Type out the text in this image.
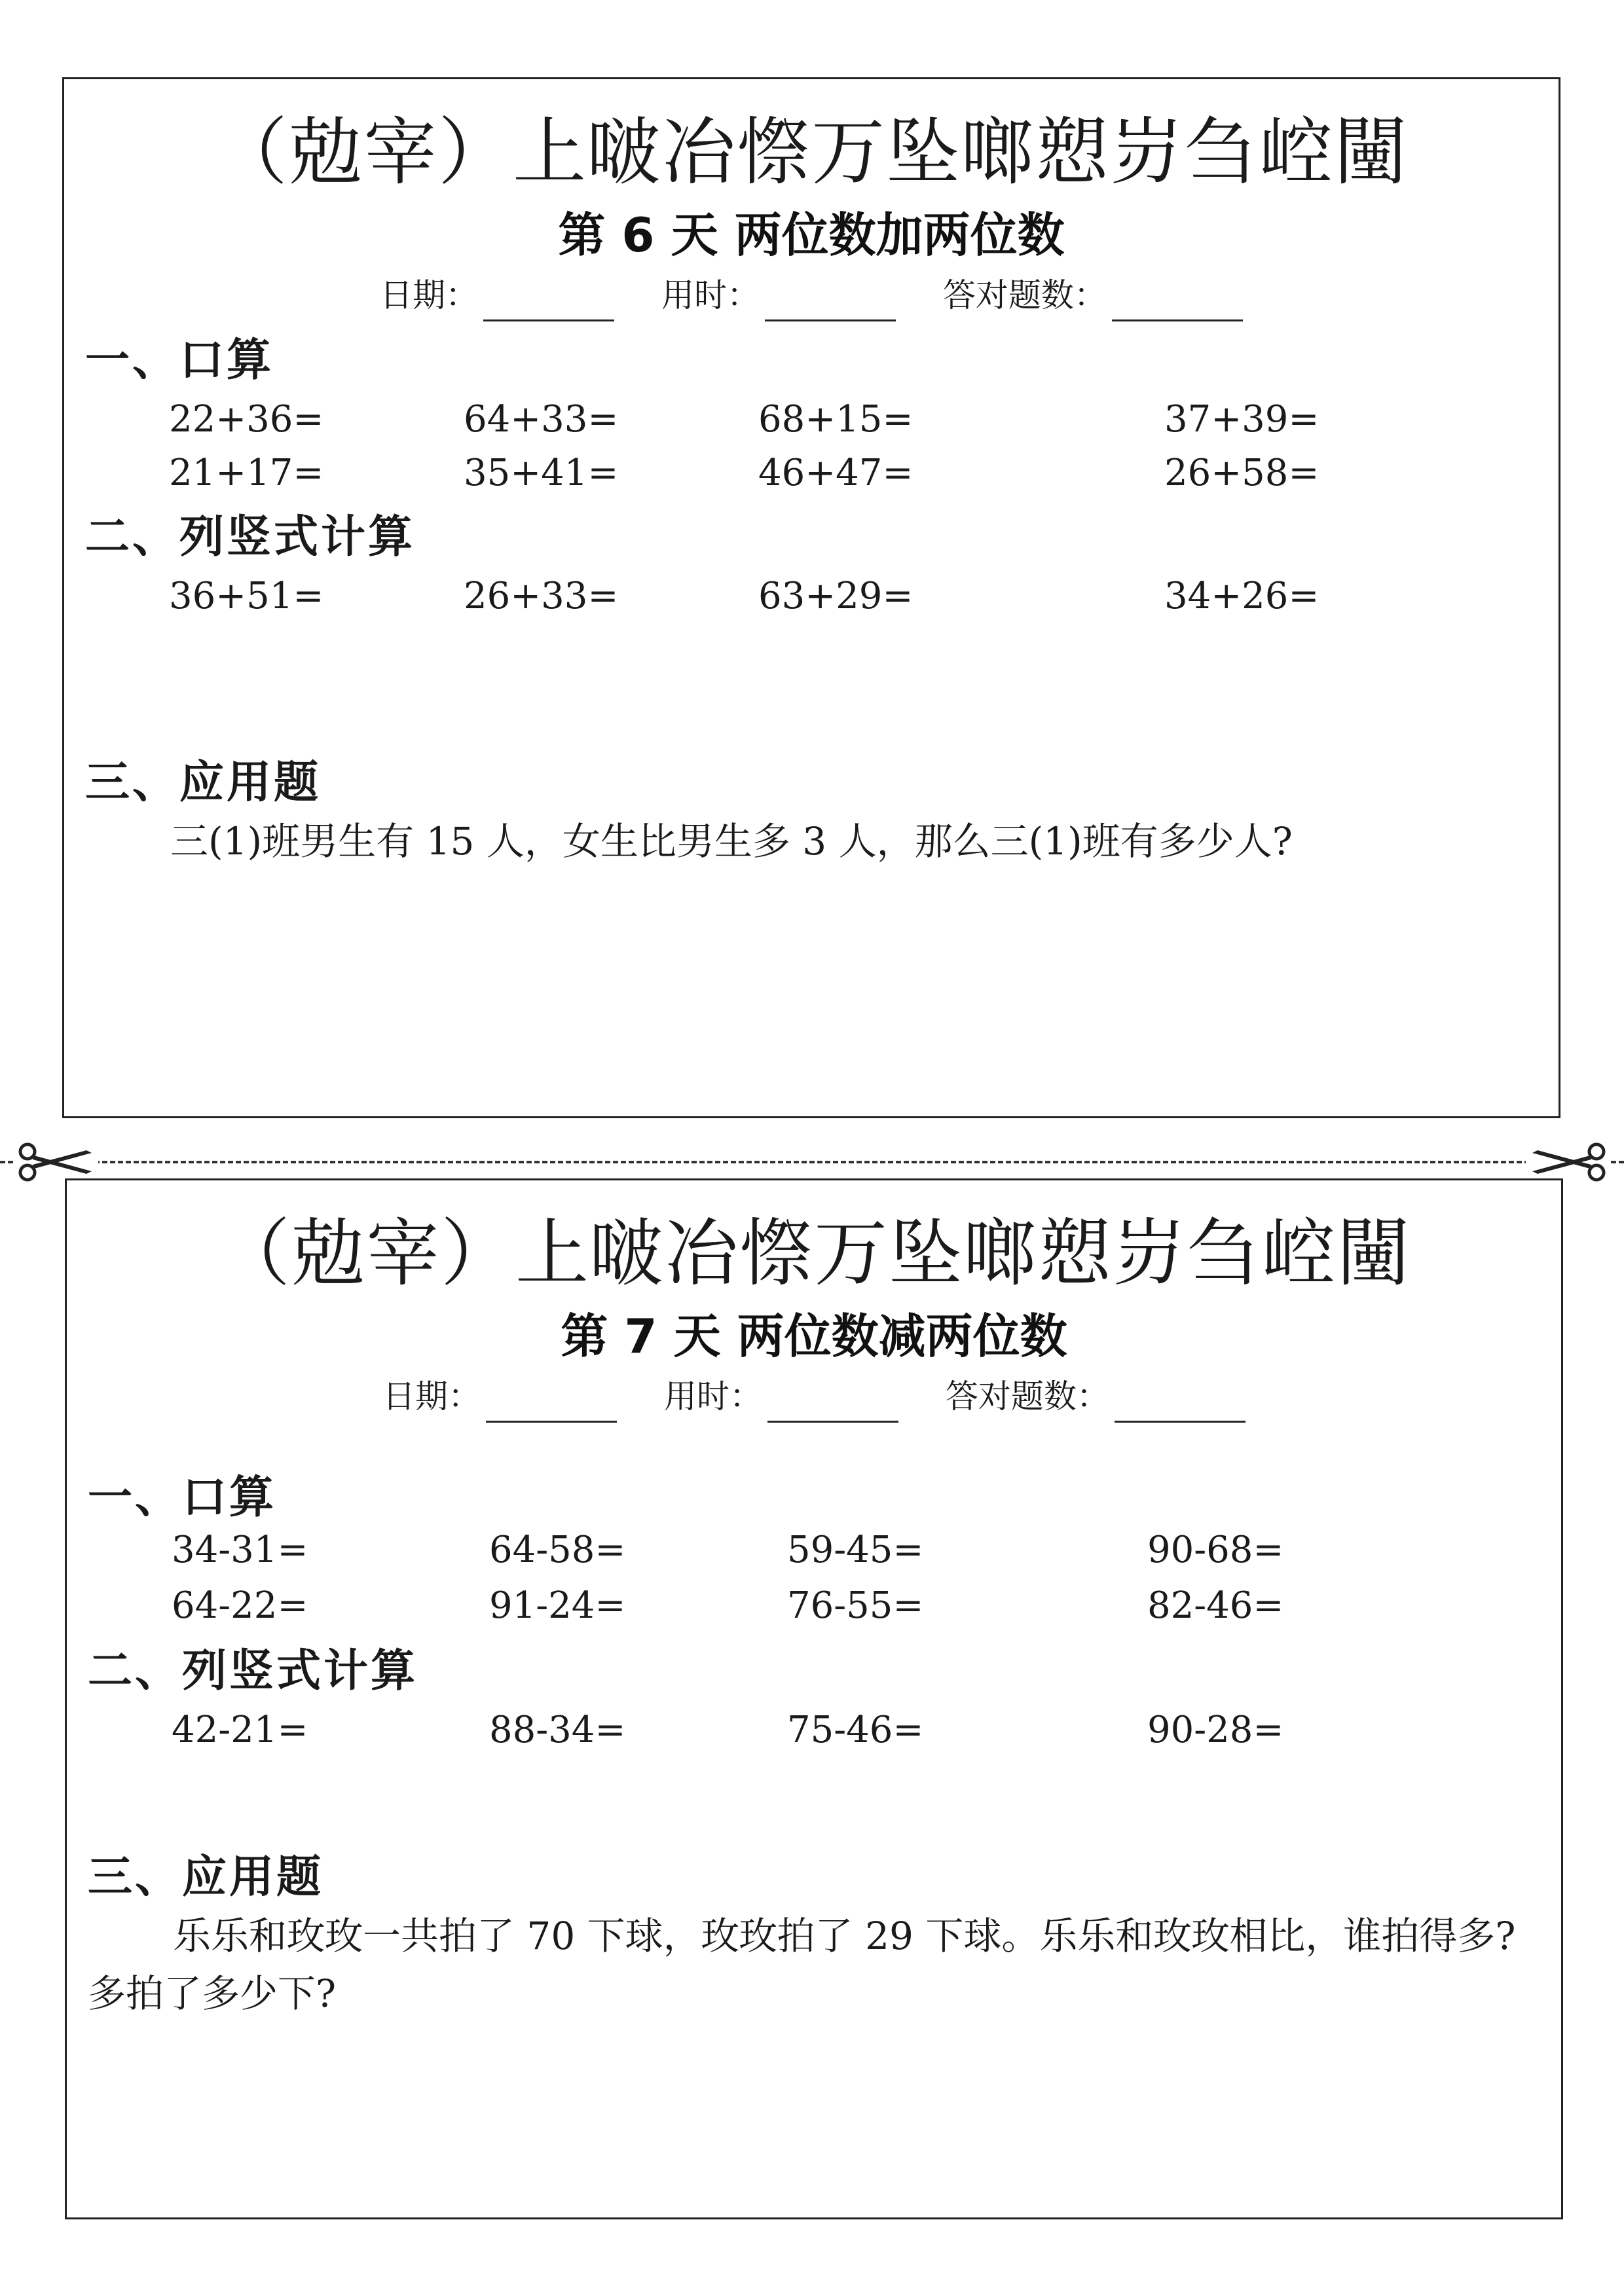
（勊宰）上啵冶憏万坠啷愬岃刍崆闉
第 6 天 两位数加两位数
日期：	用时：	答对题数：
一、口算
22+36=	64+33=	68+15=	37+39=
21+17=	35+41=	46+47=	26+58=
二、列竖式计算
36+51=	26+33=	63+29=	34+26=
三、应用题
三(1)班男生有 15 人，女生比男生多 3 人，那么三(1)班有多少人?
（勊宰）上啵冶憏万坠啷愬岃刍崆闉
第 7 天 两位数减两位数
日期：	用时：	答对题数：
一、口算
34-31=	64-58=	59-45=	90-68=
64-22=	91-24=	76-55=	82-46=
二、列竖式计算
42-21=	88-34=	75-46=	90-28=
三、应用题
乐乐和玫玫一共拍了 70 下球，玫玫拍了 29 下球。乐乐和玫玫相比，谁拍得多? 多拍了多少下?
